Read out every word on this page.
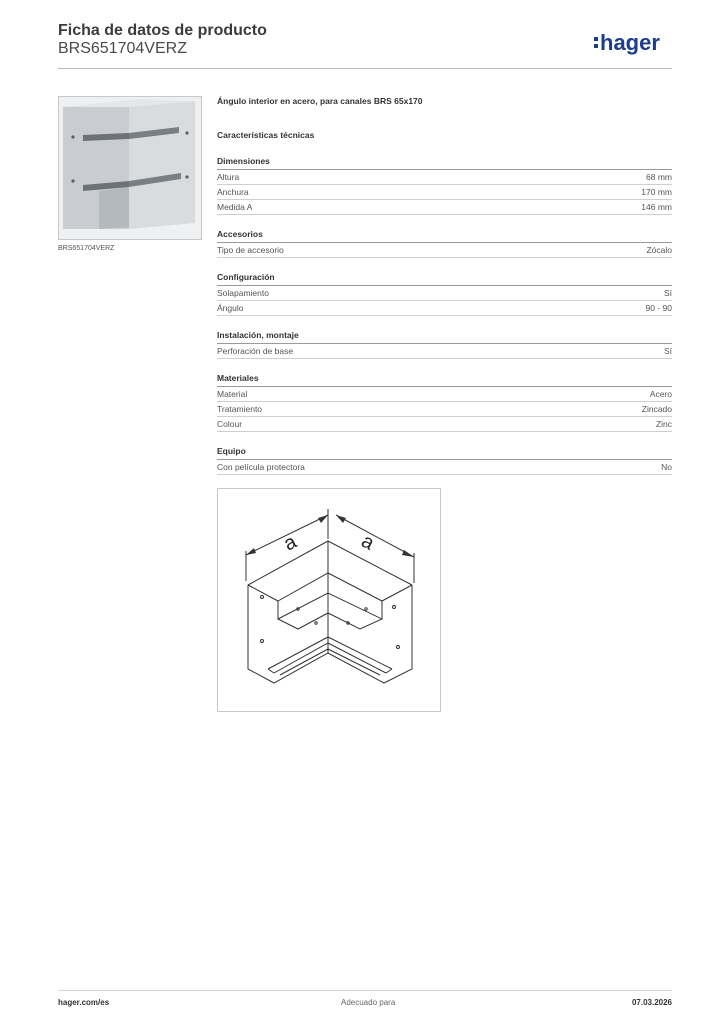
Ficha de datos de producto
BRS651704VERZ	hager
BRS651704VERZ
Ángulo interior en acero, para canales BRS 65x170
Características técnicas
Dimensiones
Altura	68 mm
Anchura	170 mm
Medida A	146 mm
Accesorios
Tipo de accesorio	Zócalo
Configuración
Solapamiento	Sí
Ángulo	90 - 90
Instalación, montaje
Perforación de base	Sí
Materiales
Material	Acero
Tratamiento	Zincado
Colour	Zinc
Equipo
Con película protectora	No
a	a
hager.com/es	Adecuado para	07.03.2026
